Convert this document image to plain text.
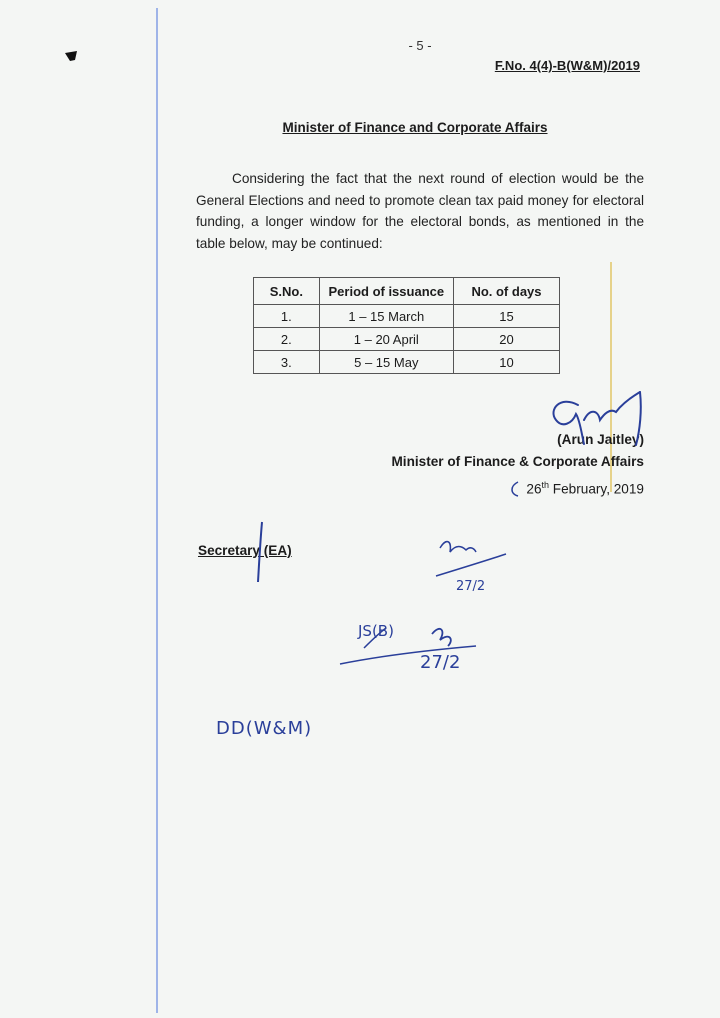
- 5 -
F.No. 4(4)-B(W&M)/2019
Minister of Finance and Corporate Affairs
Considering the fact that the next round of election would be the General Elections and need to promote clean tax paid money for electoral funding, a longer window for the electoral bonds, as mentioned in the table below, may be continued:
S.No.	Period of issuance	No. of days
1.	1 – 15 March	15
2.	1 – 20 April	20
3.	5 – 15 May	10
(Arun Jaitley)
Minister of Finance & Corporate Affairs
26th February, 2019
Secretary (EA)
27/2
JS(B)
27/2
DD(W&M)
